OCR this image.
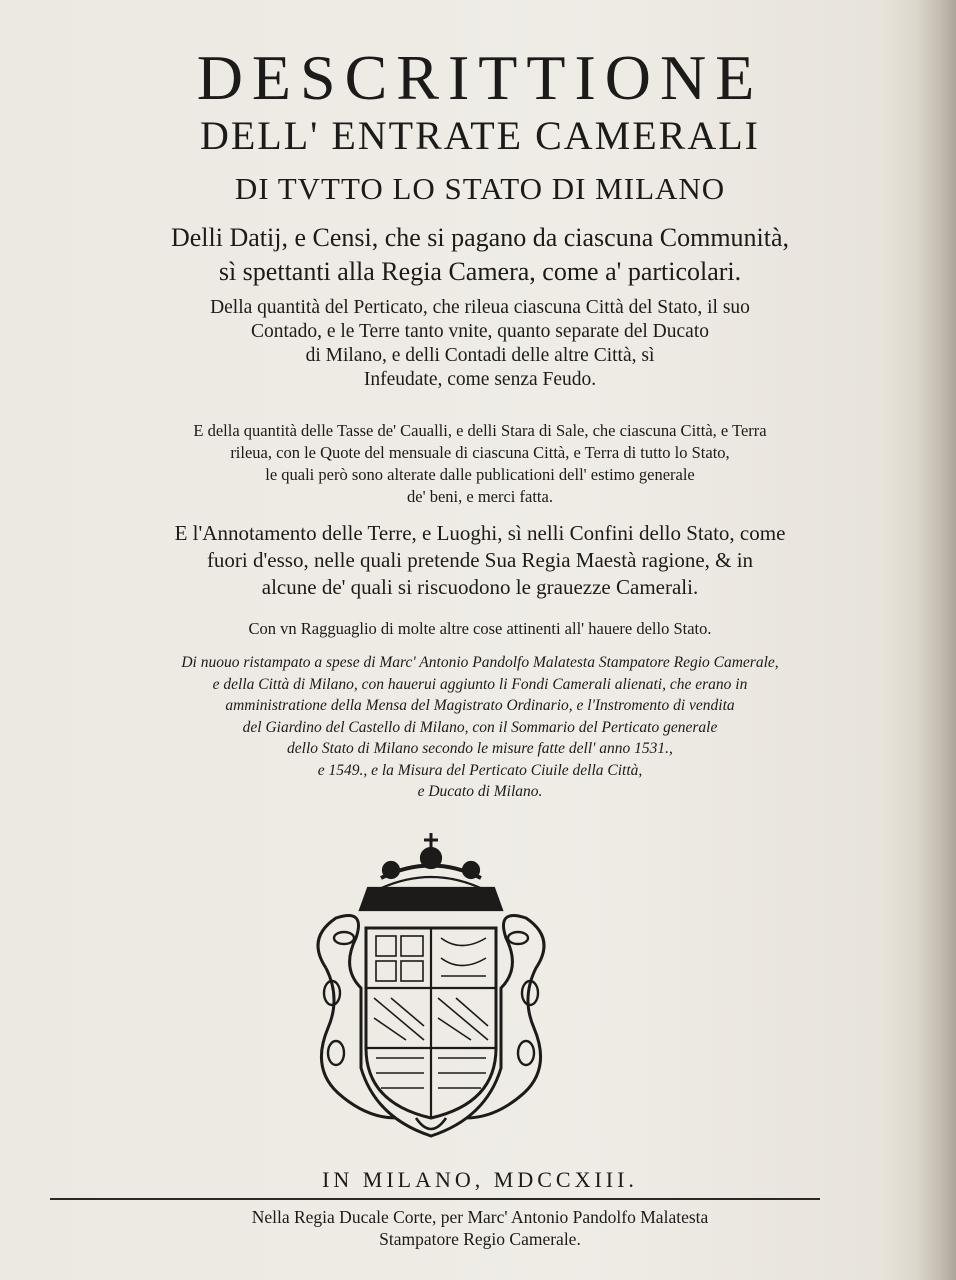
DESCRITTIONE
DELL' ENTRATE CAMERALI
DI TVTTO LO STATO DI MILANO
Delli Datij, e Censi, che si pagano da ciascuna Communità,
sì spettanti alla Regia Camera, come a' particolari.
Della quantità del Perticato, che rileua ciascuna Città del Stato, il suo
Contado, e le Terre tanto vnite, quanto separate del Ducato
di Milano, e delli Contadi delle altre Città, sì
Infeudate, come senza Feudo.
E della quantità delle Tasse de' Caualli, e delli Stara di Sale, che ciascuna Città, e Terra
rileua, con le Quote del mensuale di ciascuna Città, e Terra di tutto lo Stato,
le quali però sono alterate dalle publicationi dell' estimo generale
de' beni, e merci fatta.
E l'Annotamento delle Terre, e Luoghi, sì nelli Confini dello Stato, come
fuori d'esso, nelle quali pretende Sua Regia Maestà ragione, & in
alcune de' quali si riscuodono le grauezze Camerali.
Con vn Ragguaglio di molte altre cose attinenti all' hauere dello Stato.
Di nuouo ristampato a spese di Marc' Antonio Pandolfo Malatesta Stampatore Regio Camerale,
e della Città di Milano, con hauerui aggiunto li Fondi Camerali alienati, che erano in
amministratione della Mensa del Magistrato Ordinario, e l'Instromento di vendita
del Giardino del Castello di Milano, con il Sommario del Perticato generale
dello Stato di Milano secondo le misure fatte dell' anno 1531.,
e 1549., e la Misura del Perticato Ciuile della Città,
e Ducato di Milano.
IN MILANO, MDCCXIII.
Nella Regia Ducale Corte, per Marc' Antonio Pandolfo Malatesta
Stampatore Regio Camerale.
